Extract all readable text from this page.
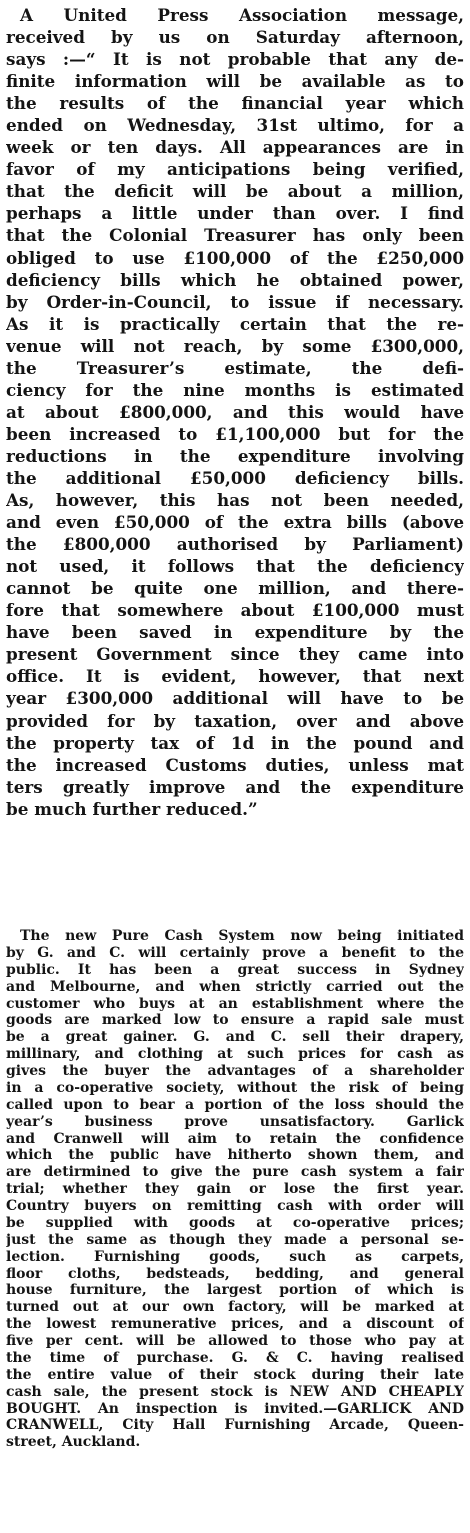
A United Press Association message,
received by us on Saturday afternoon,
says :—“ It is not probable that any de-
finite information will be available as to
the results of the financial year which
ended on Wednesday, 31st ultimo, for a
week or ten days. All appearances are in
favor of my anticipations being verified,
that the deficit will be about a million,
perhaps a little under than over. I find
that the Colonial Treasurer has only been
obliged to use £100,000 of the £250,000
deficiency bills which he obtained power,
by Order-in-Council, to issue if necessary.
As it is practically certain that the re-
venue will not reach, by some £300,000,
the Treasurer’s estimate, the defi-
ciency for the nine months is estimated
at about £800,000, and this would have
been increased to £1,100,000 but for the
reductions in the expenditure involving
the additional £50,000 deficiency bills.
As, however, this has not been needed,
and even £50,000 of the extra bills (above
the £800,000 authorised by Parliament)
not used, it follows that the deficiency
cannot be quite one million, and there-
fore that somewhere about £100,000 must
have been saved in expenditure by the
present Government since they came into
office. It is evident, however, that next
year £300,000 additional will have to be
provided for by taxation, over and above
the property tax of 1d in the pound and
the increased Customs duties, unless mat
ters greatly improve and the expenditure
be much further reduced.”
The new Pure Cash System now being initiated
by G. and C. will certainly prove a benefit to the
public. It has been a great success in Sydney
and Melbourne, and when strictly carried out the
customer who buys at an establishment where the
goods are marked low to ensure a rapid sale must
be a great gainer. G. and C. sell their drapery,
millinary, and clothing at such prices for cash as
gives the buyer the advantages of a shareholder
in a co-operative society, without the risk of being
called upon to bear a portion of the loss should the
year’s business prove unsatisfactory. Garlick
and Cranwell will aim to retain the confidence
which the public have hitherto shown them, and
are detirmined to give the pure cash system a fair
trial; whether they gain or lose the first year.
Country buyers on remitting cash with order will
be supplied with goods at co-operative prices;
just the same as though they made a personal se-
lection. Furnishing goods, such as carpets,
floor cloths, bedsteads, bedding, and general
house furniture, the largest portion of which is
turned out at our own factory, will be marked at
the lowest remunerative prices, and a discount of
five per cent. will be allowed to those who pay at
the time of purchase. G. & C. having realised
the entire value of their stock during their late
cash sale, the present stock is NEW AND CHEAPLY
BOUGHT. An inspection is invited.—GARLICK AND
CRANWELL, City Hall Furnishing Arcade, Queen-
street, Auckland.
